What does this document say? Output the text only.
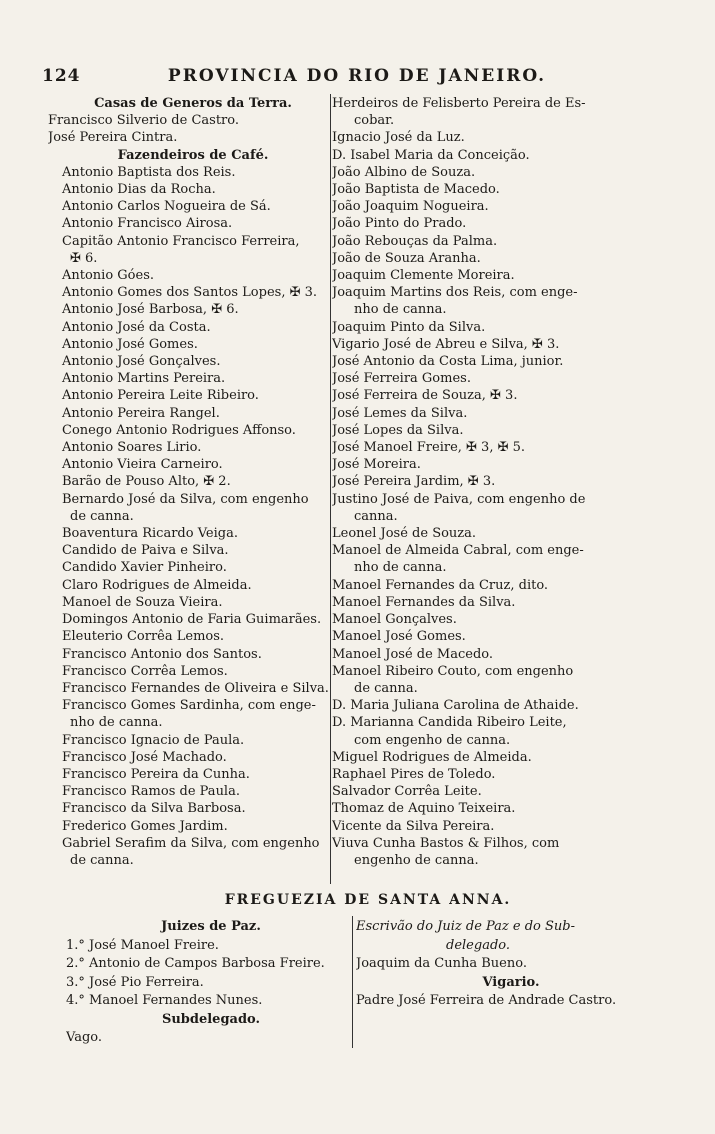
124	PROVINCIA DO RIO DE JANEIRO.
Casas de Generos da Terra.
Francisco Silverio de Castro.
José Pereira Cintra.
Fazendeiros de Café.
Antonio Baptista dos Reis.
Antonio Dias da Rocha.
Antonio Carlos Nogueira de Sá.
Antonio Francisco Airosa.
Capitão Antonio Francisco Ferreira,
✠ 6.
Antonio Góes.
Antonio Gomes dos Santos Lopes, ✠ 3.
Antonio José Barbosa, ✠ 6.
Antonio José da Costa.
Antonio José Gomes.
Antonio José Gonçalves.
Antonio Martins Pereira.
Antonio Pereira Leite Ribeiro.
Antonio Pereira Rangel.
Conego Antonio Rodrigues Affonso.
Antonio Soares Lirio.
Antonio Vieira Carneiro.
Barão de Pouso Alto, ✠ 2.
Bernardo José da Silva, com engenho
de canna.
Boaventura Ricardo Veiga.
Candido de Paiva e Silva.
Candido Xavier Pinheiro.
Claro Rodrigues de Almeida.
Manoel de Souza Vieira.
Domingos Antonio de Faria Guimarães.
Eleuterio Corrêa Lemos.
Francisco Antonio dos Santos.
Francisco Corrêa Lemos.
Francisco Fernandes de Oliveira e Silva.
Francisco Gomes Sardinha, com enge-
nho de canna.
Francisco Ignacio de Paula.
Francisco José Machado.
Francisco Pereira da Cunha.
Francisco Ramos de Paula.
Francisco da Silva Barbosa.
Frederico Gomes Jardim.
Gabriel Serafim da Silva, com engenho
de canna.
Herdeiros de Felisberto Pereira de Es-
cobar.
Ignacio José da Luz.
D. Isabel Maria da Conceição.
João Albino de Souza.
João Baptista de Macedo.
João Joaquim Nogueira.
João Pinto do Prado.
João Rebouças da Palma.
João de Souza Aranha.
Joaquim Clemente Moreira.
Joaquim Martins dos Reis, com enge-
nho de canna.
Joaquim Pinto da Silva.
Vigario José de Abreu e Silva, ✠ 3.
José Antonio da Costa Lima, junior.
José Ferreira Gomes.
José Ferreira de Souza, ✠ 3.
José Lemes da Silva.
José Lopes da Silva.
José Manoel Freire, ✠ 3, ✠ 5.
José Moreira.
José Pereira Jardim, ✠ 3.
Justino José de Paiva, com engenho de
canna.
Leonel José de Souza.
Manoel de Almeida Cabral, com enge-
nho de canna.
Manoel Fernandes da Cruz, dito.
Manoel Fernandes da Silva.
Manoel Gonçalves.
Manoel José Gomes.
Manoel José de Macedo.
Manoel Ribeiro Couto, com engenho
de canna.
D. Maria Juliana Carolina de Athaide.
D. Marianna Candida Ribeiro Leite,
com engenho de canna.
Miguel Rodrigues de Almeida.
Raphael Pires de Toledo.
Salvador Corrêa Leite.
Thomaz de Aquino Teixeira.
Vicente da Silva Pereira.
Viuva Cunha Bastos & Filhos, com
engenho de canna.
FREGUEZIA DE SANTA ANNA.
Juizes de Paz.
1.° José Manoel Freire.
2.° Antonio de Campos Barbosa Freire.
3.° José Pio Ferreira.
4.° Manoel Fernandes Nunes.
Subdelegado.
Vago.
Escrivão do Juiz de Paz e do Sub-
delegado.
Joaquim da Cunha Bueno.
Vigario.
Padre José Ferreira de Andrade Castro.
